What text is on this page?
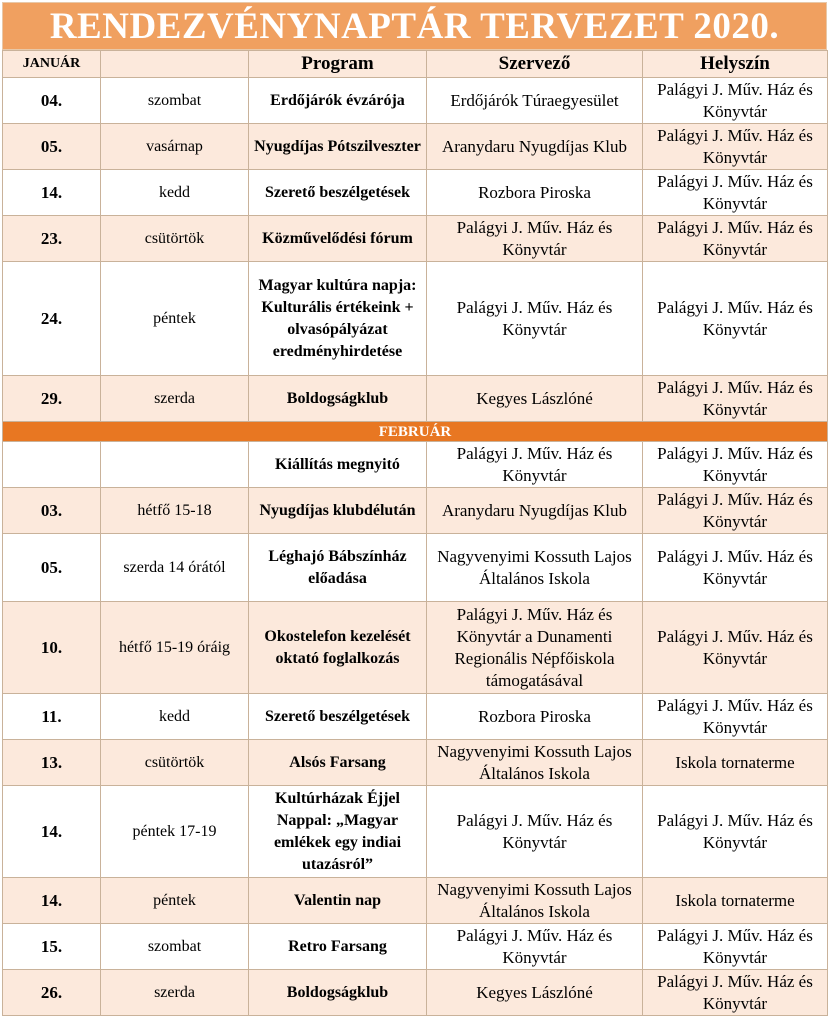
RENDEZVÉNYNAPTÁR TERVEZET 2020.
JANUÁR		Program	Szervező	Helyszín
04.	szombat	Erdőjárók évzárója	Erdőjárók Túraegyesület	Palágyi J. Műv. Ház és Könyvtár
05.	vasárnap	Nyugdíjas Pótszilveszter	Aranydaru Nyugdíjas Klub	Palágyi J. Műv. Ház és Könyvtár
14.	kedd	Szerető beszélgetések	Rozbora Piroska	Palágyi J. Műv. Ház és Könyvtár
23.	csütörtök	Közművelődési fórum	Palágyi J. Műv. Ház és Könyvtár	Palágyi J. Műv. Ház és Könyvtár
24.	péntek	Magyar kultúra napja: Kulturális értékeink + olvasópályázat eredményhirdetése	Palágyi J. Műv. Ház és Könyvtár	Palágyi J. Műv. Ház és Könyvtár
29.	szerda	Boldogságklub	Kegyes Lászlóné	Palágyi J. Műv. Ház és Könyvtár
FEBRUÁR				
		Kiállítás megnyitó	Palágyi J. Műv. Ház és Könyvtár	Palágyi J. Műv. Ház és Könyvtár
03.	hétfő 15-18	Nyugdíjas klubdélután	Aranydaru Nyugdíjas Klub	Palágyi J. Műv. Ház és Könyvtár
05.	szerda 14 órától	Léghajó Bábszínház előadása	Nagyvenyimi Kossuth Lajos Általános Iskola	Palágyi J. Műv. Ház és Könyvtár
10.	hétfő 15-19 óráig	Okostelefon kezelését oktató foglalkozás	Palágyi J. Műv. Ház és Könyvtár a Dunamenti Regionális Népfőiskola támogatásával	Palágyi J. Műv. Ház és Könyvtár
11.	kedd	Szerető beszélgetések	Rozbora Piroska	Palágyi J. Műv. Ház és Könyvtár
13.	csütörtök	Alsós Farsang	Nagyvenyimi Kossuth Lajos Általános Iskola	Iskola tornaterme
14.	péntek 17-19	Kultúrházak Éjjel Nappal: „Magyar emlékek egy indiai utazásról”	Palágyi J. Műv. Ház és Könyvtár	Palágyi J. Műv. Ház és Könyvtár
14.	péntek	Valentin nap	Nagyvenyimi Kossuth Lajos Általános Iskola	Iskola tornaterme
15.	szombat	Retro Farsang	Palágyi J. Műv. Ház és Könyvtár	Palágyi J. Műv. Ház és Könyvtár
26.	szerda	Boldogságklub	Kegyes Lászlóné	Palágyi J. Műv. Ház és Könyvtár
